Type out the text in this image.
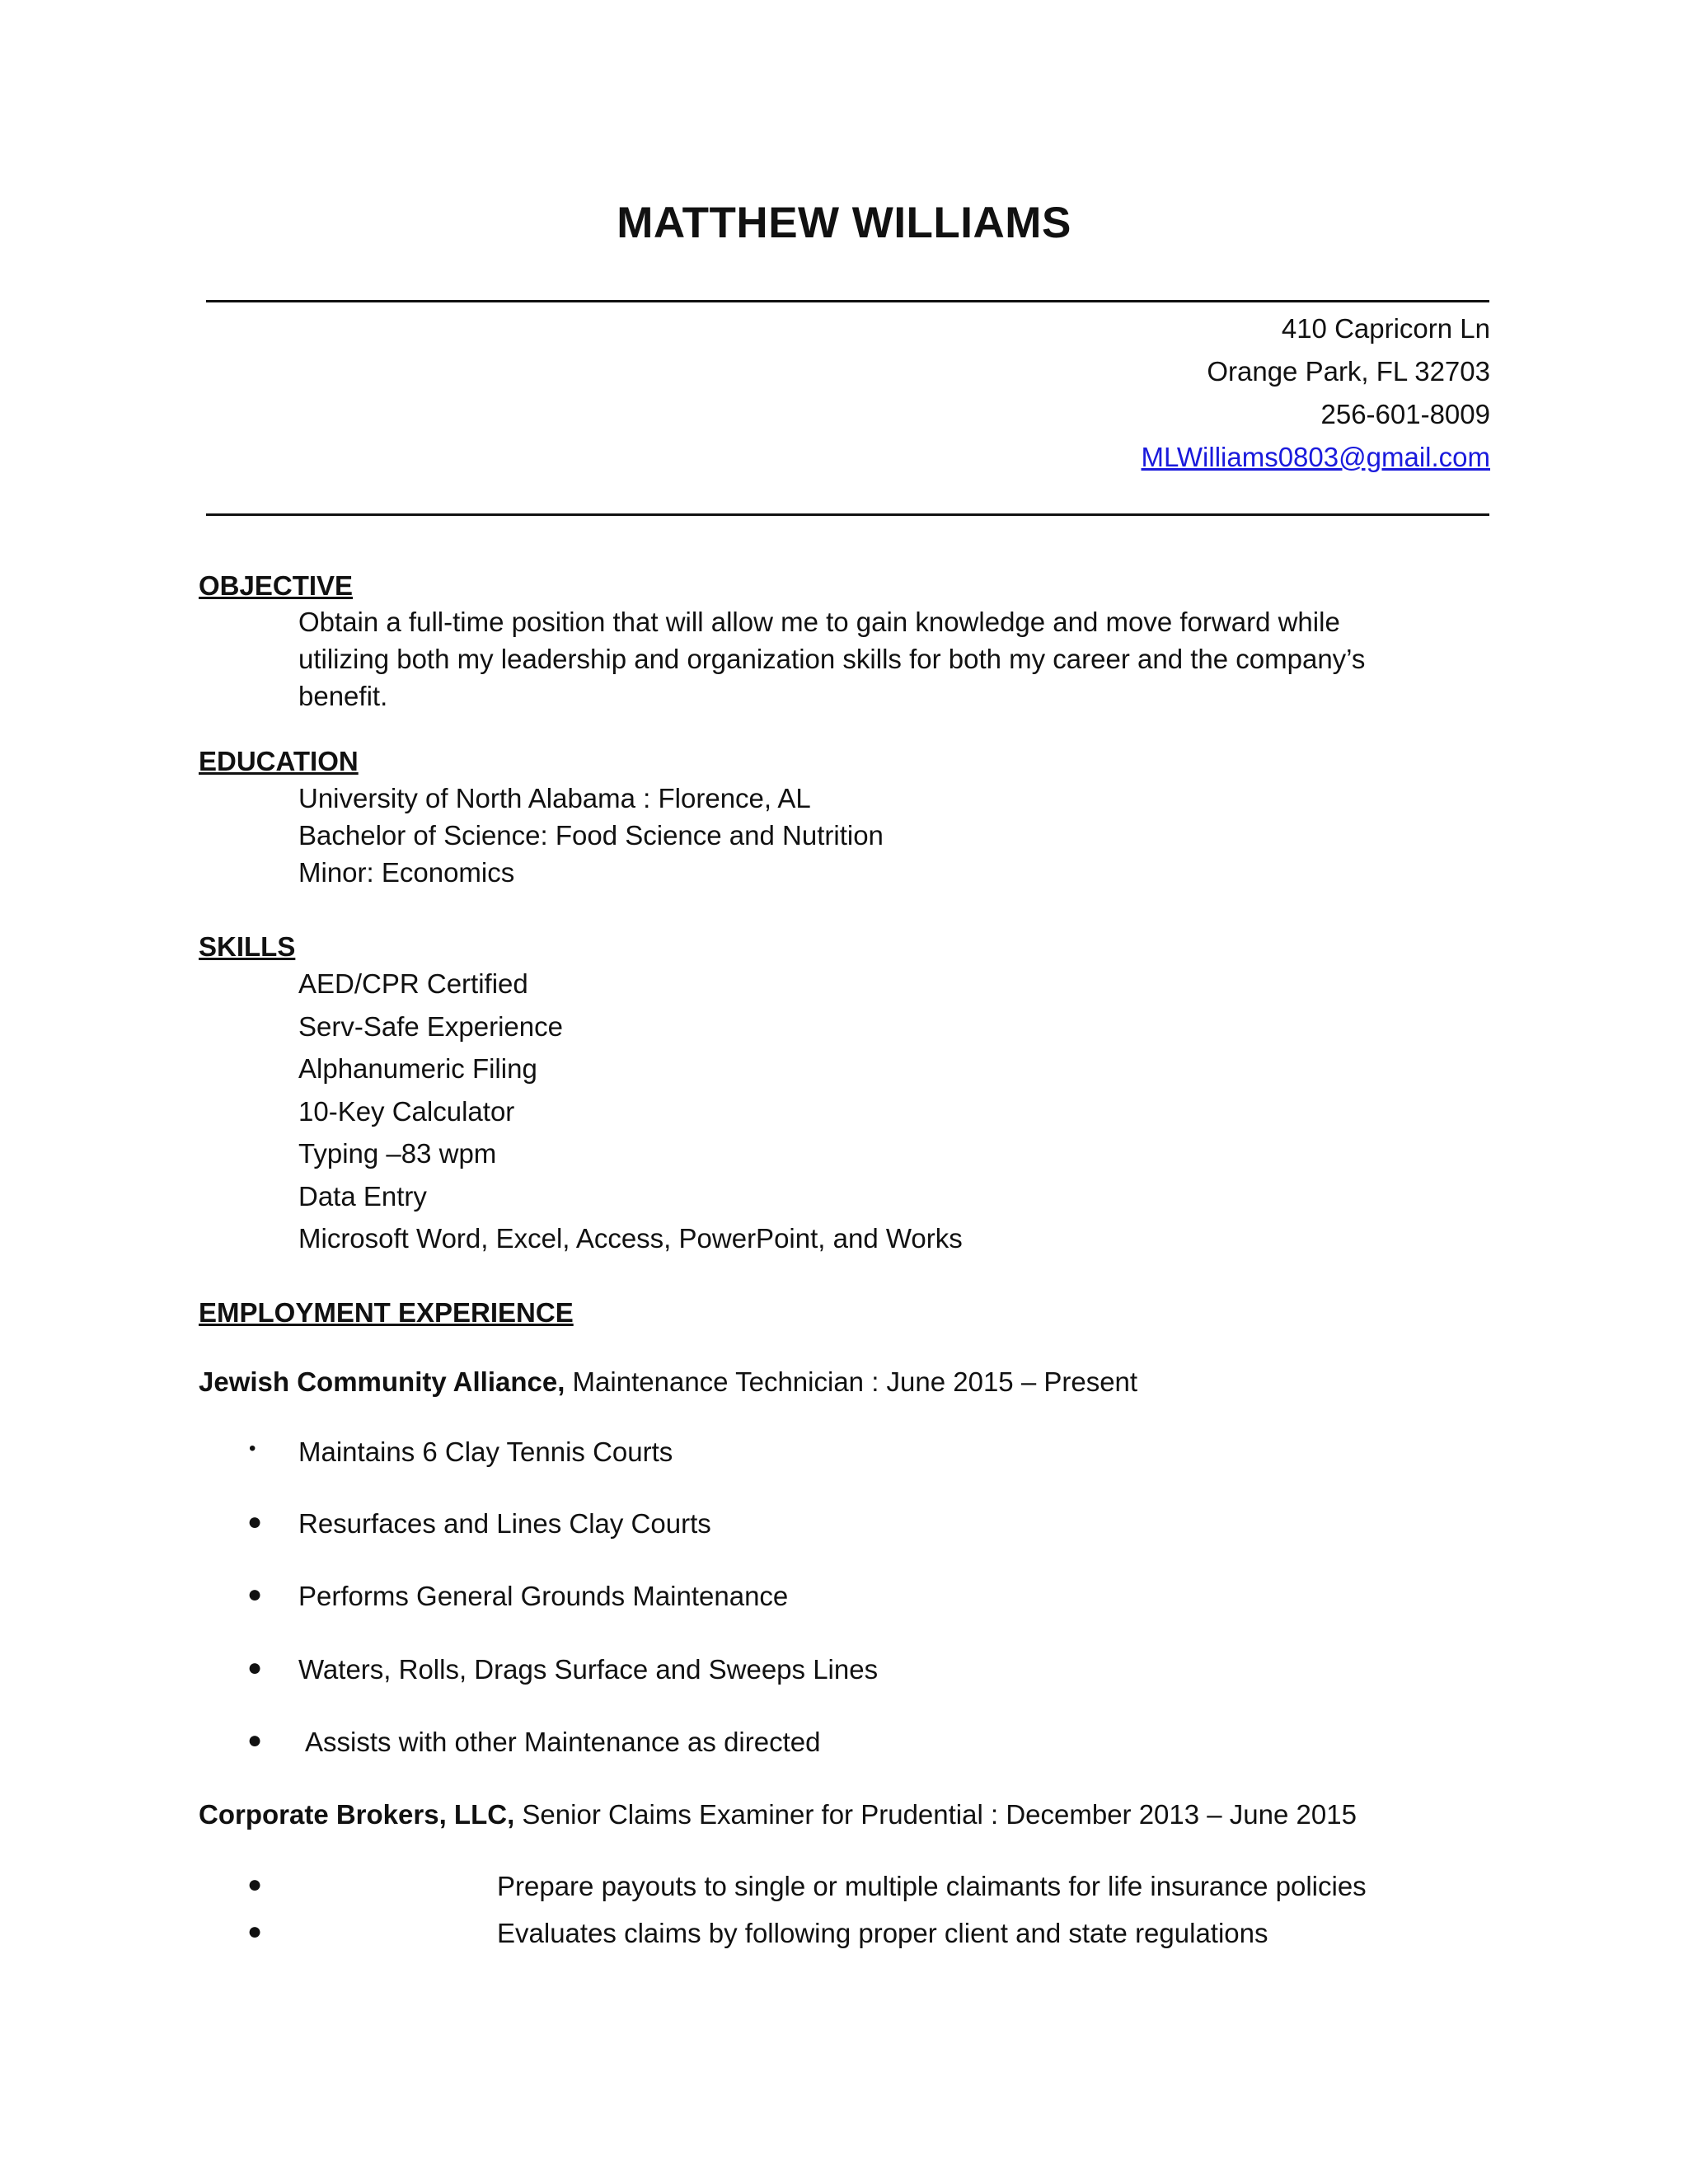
MATTHEW WILLIAMS
410 Capricorn Ln
Orange Park, FL 32703
256-601-8009
MLWilliams0803@gmail.com
OBJECTIVE
Obtain a full-time position that will allow me to gain knowledge and move forward while
utilizing both my leadership and organization skills for both my career and the company’s
benefit.
EDUCATION
University of North Alabama : Florence, AL
Bachelor of Science: Food Science and Nutrition
Minor: Economics
SKILLS
AED/CPR Certified
Serv-Safe Experience
Alphanumeric Filing
10-Key Calculator
Typing –83 wpm
Data Entry
Microsoft Word, Excel, Access, PowerPoint, and Works
EMPLOYMENT EXPERIENCE
Jewish Community Alliance, Maintenance Technician : June 2015 – Present
• Maintains 6 Clay Tennis Courts
● Resurfaces and Lines Clay Courts
● Performs General Grounds Maintenance
● Waters, Rolls, Drags Surface and Sweeps Lines
● Assists with other Maintenance as directed
Corporate Brokers, LLC, Senior Claims Examiner for Prudential : December 2013 – June 2015
●	Prepare payouts to single or multiple claimants for life insurance policies
●	Evaluates claims by following proper client and state regulations
